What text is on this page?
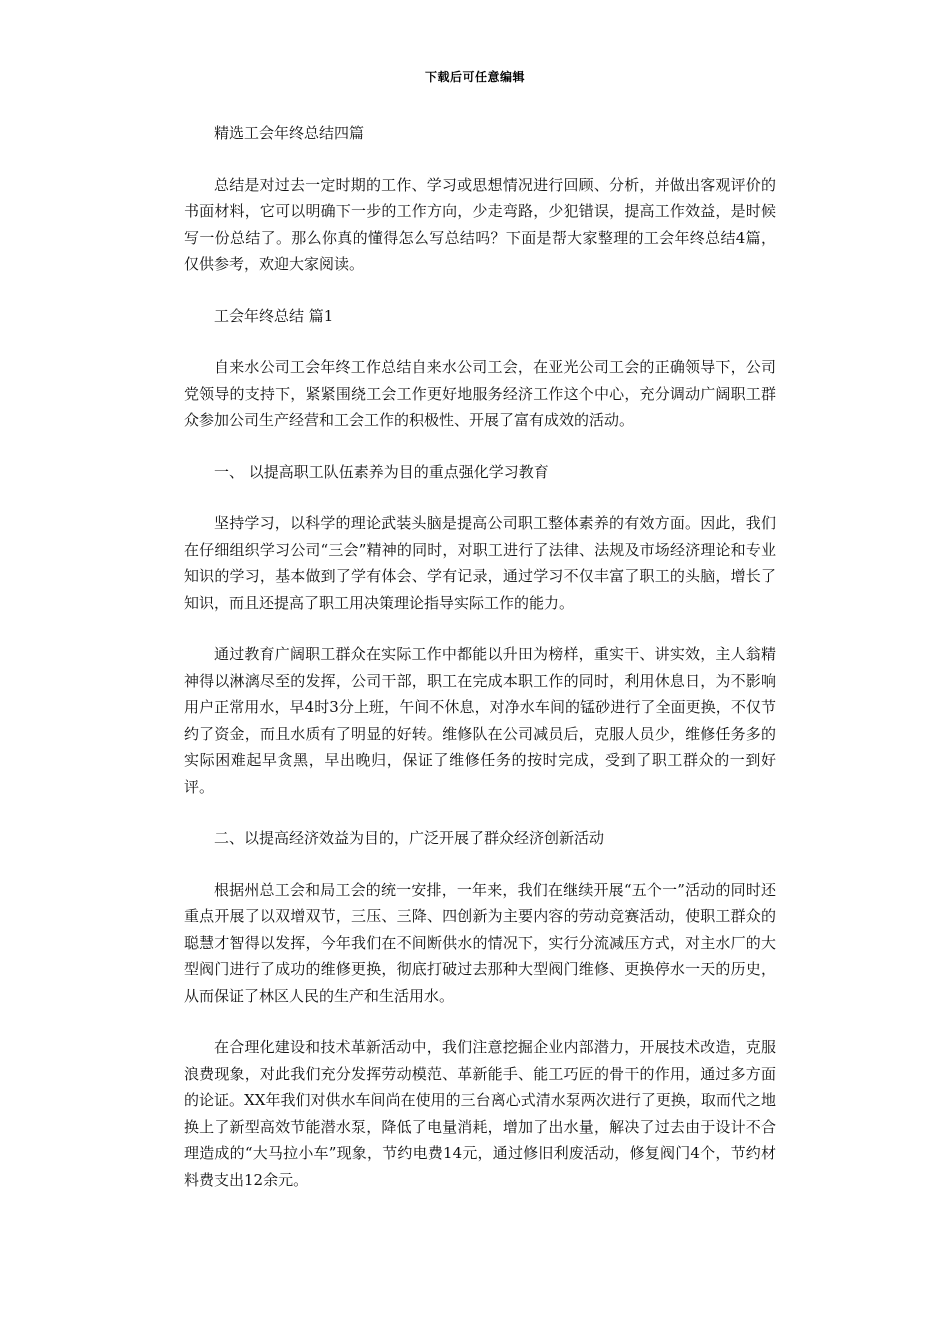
下载后可任意编辑

精选工会年终总结四篇

总结是对过去一定时期的工作、学习或思想情况进行回顾、分析，并做出客观评价的书面材料，它可以明确下一步的工作方向，少走弯路，少犯错误，提高工作效益，是时候写一份总结了。那么你真的懂得怎么写总结吗？下面是帮大家整理的工会年终总结4篇，仅供参考，欢迎大家阅读。

工会年终总结 篇1

自来水公司工会年终工作总结自来水公司工会，在亚光公司工会的正确领导下，公司党领导的支持下，紧紧围绕工会工作更好地服务经济工作这个中心，充分调动广阔职工群众参加公司生产经营和工会工作的积极性、开展了富有成效的活动。

一、 以提高职工队伍素养为目的重点强化学习教育

坚持学习，以科学的理论武装头脑是提高公司职工整体素养的有效方面。因此，我们在仔细组织学习公司“三会”精神的同时，对职工进行了法律、法规及市场经济理论和专业知识的学习，基本做到了学有体会、学有记录，通过学习不仅丰富了职工的头脑，增长了知识，而且还提高了职工用决策理论指导实际工作的能力。

通过教育广阔职工群众在实际工作中都能以升田为榜样，重实干、讲实效，主人翁精神得以淋漓尽至的发挥，公司干部，职工在完成本职工作的同时，利用休息日，为不影响用户正常用水，早4时3分上班，午间不休息，对净水车间的锰砂进行了全面更换，不仅节约了资金，而且水质有了明显的好转。维修队在公司减员后，克服人员少，维修任务多的实际困难起早贪黑，早出晚归，保证了维修任务的按时完成，受到了职工群众的一到好评。

二、以提高经济效益为目的，广泛开展了群众经济创新活动

根据州总工会和局工会的统一安排，一年来，我们在继续开展“五个一”活动的同时还重点开展了以双增双节，三压、三降、四创新为主要内容的劳动竞赛活动，使职工群众的聪慧才智得以发挥，今年我们在不间断供水的情况下，实行分流减压方式，对主水厂的大型阀门进行了成功的维修更换，彻底打破过去那种大型阀门维修、更换停水一天的历史，从而保证了林区人民的生产和生活用水。

在合理化建设和技术革新活动中，我们注意挖掘企业内部潜力，开展技术改造，克服浪费现象，对此我们充分发挥劳动模范、革新能手、能工巧匠的骨干的作用，通过多方面的论证。XX年我们对供水车间尚在使用的三台离心式清水泵两次进行了更换，取而代之地换上了新型高效节能潜水泵，降低了电量消耗，增加了出水量，解决了过去由于设计不合理造成的“大马拉小车”现象，节约电费14元，通过修旧利废活动，修复阀门4个，节约材料费支出12余元。
